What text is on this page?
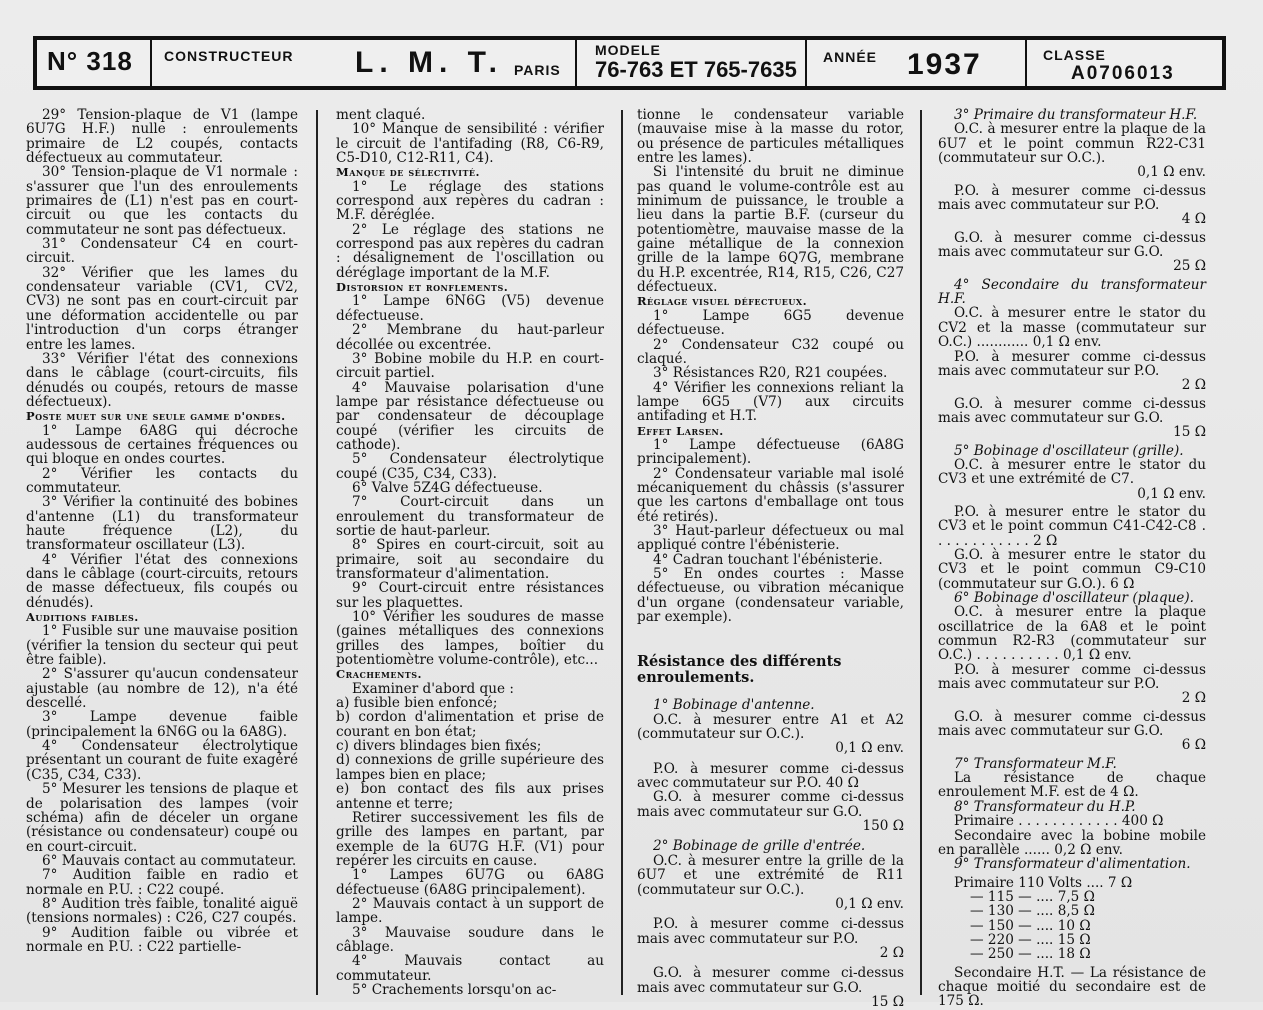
N° 318 CONSTRUCTEUR L. M. T. PARIS
MODELE
76-763 ET 765-7635 ANNÉE 1937	CLASSE
A0706013

29° Tension-plaque de V1 (lampe 6U7G H.F.) nulle : enroulements primaire de L2 coupés, contacts défectueux au commutateur.

30° Tension-plaque de V1 normale : s'assurer que l'un des enroulements primaires de (L1) n'est pas en court-circuit ou que les contacts du commutateur ne sont pas défectueux.

31° Condensateur C4 en court-circuit.

32° Vérifier que les lames du condensateur variable (CV1, CV2, CV3) ne sont pas en court-circuit par une déformation accidentelle ou par l'introduction d'un corps étranger entre les lames.

33° Vérifier l'état des connexions dans le câblage (court-circuits, fils dénudés ou coupés, retours de masse défectueux).

Poste muet sur une seule gamme d'ondes.

1° Lampe 6A8G qui décroche audessous de certaines fréquences ou qui bloque en ondes courtes.

2° Vérifier les contacts du commutateur.

3° Vérifier la continuité des bobines d'antenne (L1) du transformateur haute fréquence (L2), du transformateur oscillateur (L3).

4° Vérifier l'état des connexions dans le câblage (court-circuits, retours de masse défectueux, fils coupés ou dénudés).

Auditions faibles.

1° Fusible sur une mauvaise position (vérifier la tension du secteur qui peut être faible).

2° S'assurer qu'aucun condensateur ajustable (au nombre de 12), n'a été descellé.

3° Lampe devenue faible (principalement la 6N6G ou la 6A8G).

4° Condensateur électrolytique présentant un courant de fuite exagéré (C35, C34, C33).

5° Mesurer les tensions de plaque et de polarisation des lampes (voir schéma) afin de déceler un organe (résistance ou condensateur) coupé ou en court-circuit.

6° Mauvais contact au commutateur.

7° Audition faible en radio et normale en P.U. : C22 coupé.

8° Audition très faible, tonalité aiguë (tensions normales) : C26, C27 coupés.

9° Audition faible ou vibrée et normale en P.U. : C22 partielle-

ment claqué.

10° Manque de sensibilité : vérifier le circuit de l'antifading (R8, C6-R9, C5-D10, C12-R11, C4).

Manque de sélectivité.

1° Le réglage des stations correspond aux repères du cadran : M.F. déréglée.

2° Le réglage des stations ne correspond pas aux repères du cadran : désalignement de l'oscillation ou déréglage important de la M.F.

Distorsion et ronflements.

1° Lampe 6N6G (V5) devenue défectueuse.

2° Membrane du haut-parleur décollée ou excentrée.

3° Bobine mobile du H.P. en court-circuit partiel.

4° Mauvaise polarisation d'une lampe par résistance défectueuse ou par condensateur de découplage coupé (vérifier les circuits de cathode).

5° Condensateur électrolytique coupé (C35, C34, C33).

6° Valve 5Z4G défectueuse.

7° Court-circuit dans un enroulement du transformateur de sortie de haut-parleur.

8° Spires en court-circuit, soit au primaire, soit au secondaire du transformateur d'alimentation.

9° Court-circuit entre résistances sur les plaquettes.

10° Vérifier les soudures de masse (gaines métalliques des connexions grilles des lampes, boîtier du potentiomètre volume-contrôle), etc...

Crachements.

Examiner d'abord que :

a) fusible bien enfoncé;

b) cordon d'alimentation et prise de courant en bon état;

c) divers blindages bien fixés;

d) connexions de grille supérieure des lampes bien en place;

e) bon contact des fils aux prises antenne et terre;

Retirer successivement les fils de grille des lampes en partant, par exemple de la 6U7G H.F. (V1) pour repérer les circuits en cause.

1° Lampes 6U7G ou 6A8G défectueuse (6A8G principalement).

2° Mauvais contact à un support de lampe.

3° Mauvaise soudure dans le câblage.

4° Mauvais contact au commutateur.

5° Crachements lorsqu'on ac-

tionne le condensateur variable (mauvaise mise à la masse du rotor, ou présence de particules métalliques entre les lames).

Si l'intensité du bruit ne diminue pas quand le volume-contrôle est au minimum de puissance, le trouble a lieu dans la partie B.F. (curseur du potentiomètre, mauvaise masse de la gaine métallique de la connexion grille de la lampe 6Q7G, membrane du H.P. excentrée, R14, R15, C26, C27 défectueux.

Réglage visuel défectueux.

1° Lampe 6G5 devenue défectueuse.

2° Condensateur C32 coupé ou claqué.

3° Résistances R20, R21 coupées.

4° Vérifier les connexions reliant la lampe 6G5 (V7) aux circuits antifading et H.T.

Effet Larsen.

1° Lampe défectueuse (6A8G principalement).

2° Condensateur variable mal isolé mécaniquement du châssis (s'assurer que les cartons d'emballage ont tous été retirés).

3° Haut-parleur défectueux ou mal appliqué contre l'ébénisterie.

4° Cadran touchant l'ébénisterie.

5° En ondes courtes : Masse défectueuse, ou vibration mécanique d'un organe (condensateur variable, par exemple).

Résistance des différents enroulements.

1° Bobinage d'antenne.

O.C. à mesurer entre A1 et A2 (commutateur sur O.C.).

0,1 Ω env.

P.O. à mesurer comme ci-dessus avec commutateur sur P.O. 40 Ω

G.O. à mesurer comme ci-dessus mais avec commutateur sur G.O.

150 Ω

2° Bobinage de grille d'entrée.

O.C. à mesurer entre la grille de la 6U7 et une extrémité de R11 (commutateur sur O.C.).

0,1 Ω env.

P.O. à mesurer comme ci-dessus mais avec commutateur sur P.O.

2 Ω

G.O. à mesurer comme ci-dessus mais avec commutateur sur G.O.

15 Ω

3° Primaire du transformateur H.F.

O.C. à mesurer entre la plaque de la 6U7 et le point commun R22-C31 (commutateur sur O.C.).

0,1 Ω env.

P.O. à mesurer comme ci-dessus mais avec commutateur sur P.O.

4 Ω

G.O. à mesurer comme ci-dessus mais avec commutateur sur G.O.

25 Ω

4° Secondaire du transformateur H.F.

O.C. à mesurer entre le stator du CV2 et la masse (commutateur sur O.C.) ............ 0,1 Ω env.

P.O. à mesurer comme ci-dessus mais avec commutateur sur P.O.

2 Ω

G.O. à mesurer comme ci-dessus mais avec commutateur sur G.O.

15 Ω

5° Bobinage d'oscillateur (grille).

O.C. à mesurer entre le stator du CV3 et une extrémité de C7.

0,1 Ω env.

P.O. à mesurer entre le stator du CV3 et le point commun C41-C42-C8 . . . . . . . . . . . . 2 Ω

G.O. à mesurer entre le stator du CV3 et le point commun C9-C10 (commutateur sur G.O.). 6 Ω

6° Bobinage d'oscillateur (plaque).

O.C. à mesurer entre la plaque oscillatrice de la 6A8 et le point commun R2-R3 (commutateur sur O.C.) . . . . . . . . . . 0,1 Ω env.

P.O. à mesurer comme ci-dessus mais avec commutateur sur P.O.

2 Ω

G.O. à mesurer comme ci-dessus mais avec commutateur sur G.O.

6 Ω

7° Transformateur M.F.

La résistance de chaque enroulement M.F. est de 4 Ω.

8° Transformateur du H.P.

Primaire . . . . . . . . . . . . 400 Ω

Secondaire avec la bobine mobile en parallèle ...... 0,2 Ω env.

9° Transformateur d'alimentation.

Primaire 110 Volts .... 7 Ω

— 115 — .... 7,5 Ω

— 130 — .... 8,5 Ω

— 150 — .... 10 Ω

— 220 — .... 15 Ω

— 250 — .... 18 Ω

Secondaire H.T. — La résistance de chaque moitié du secondaire est de 175 Ω.
